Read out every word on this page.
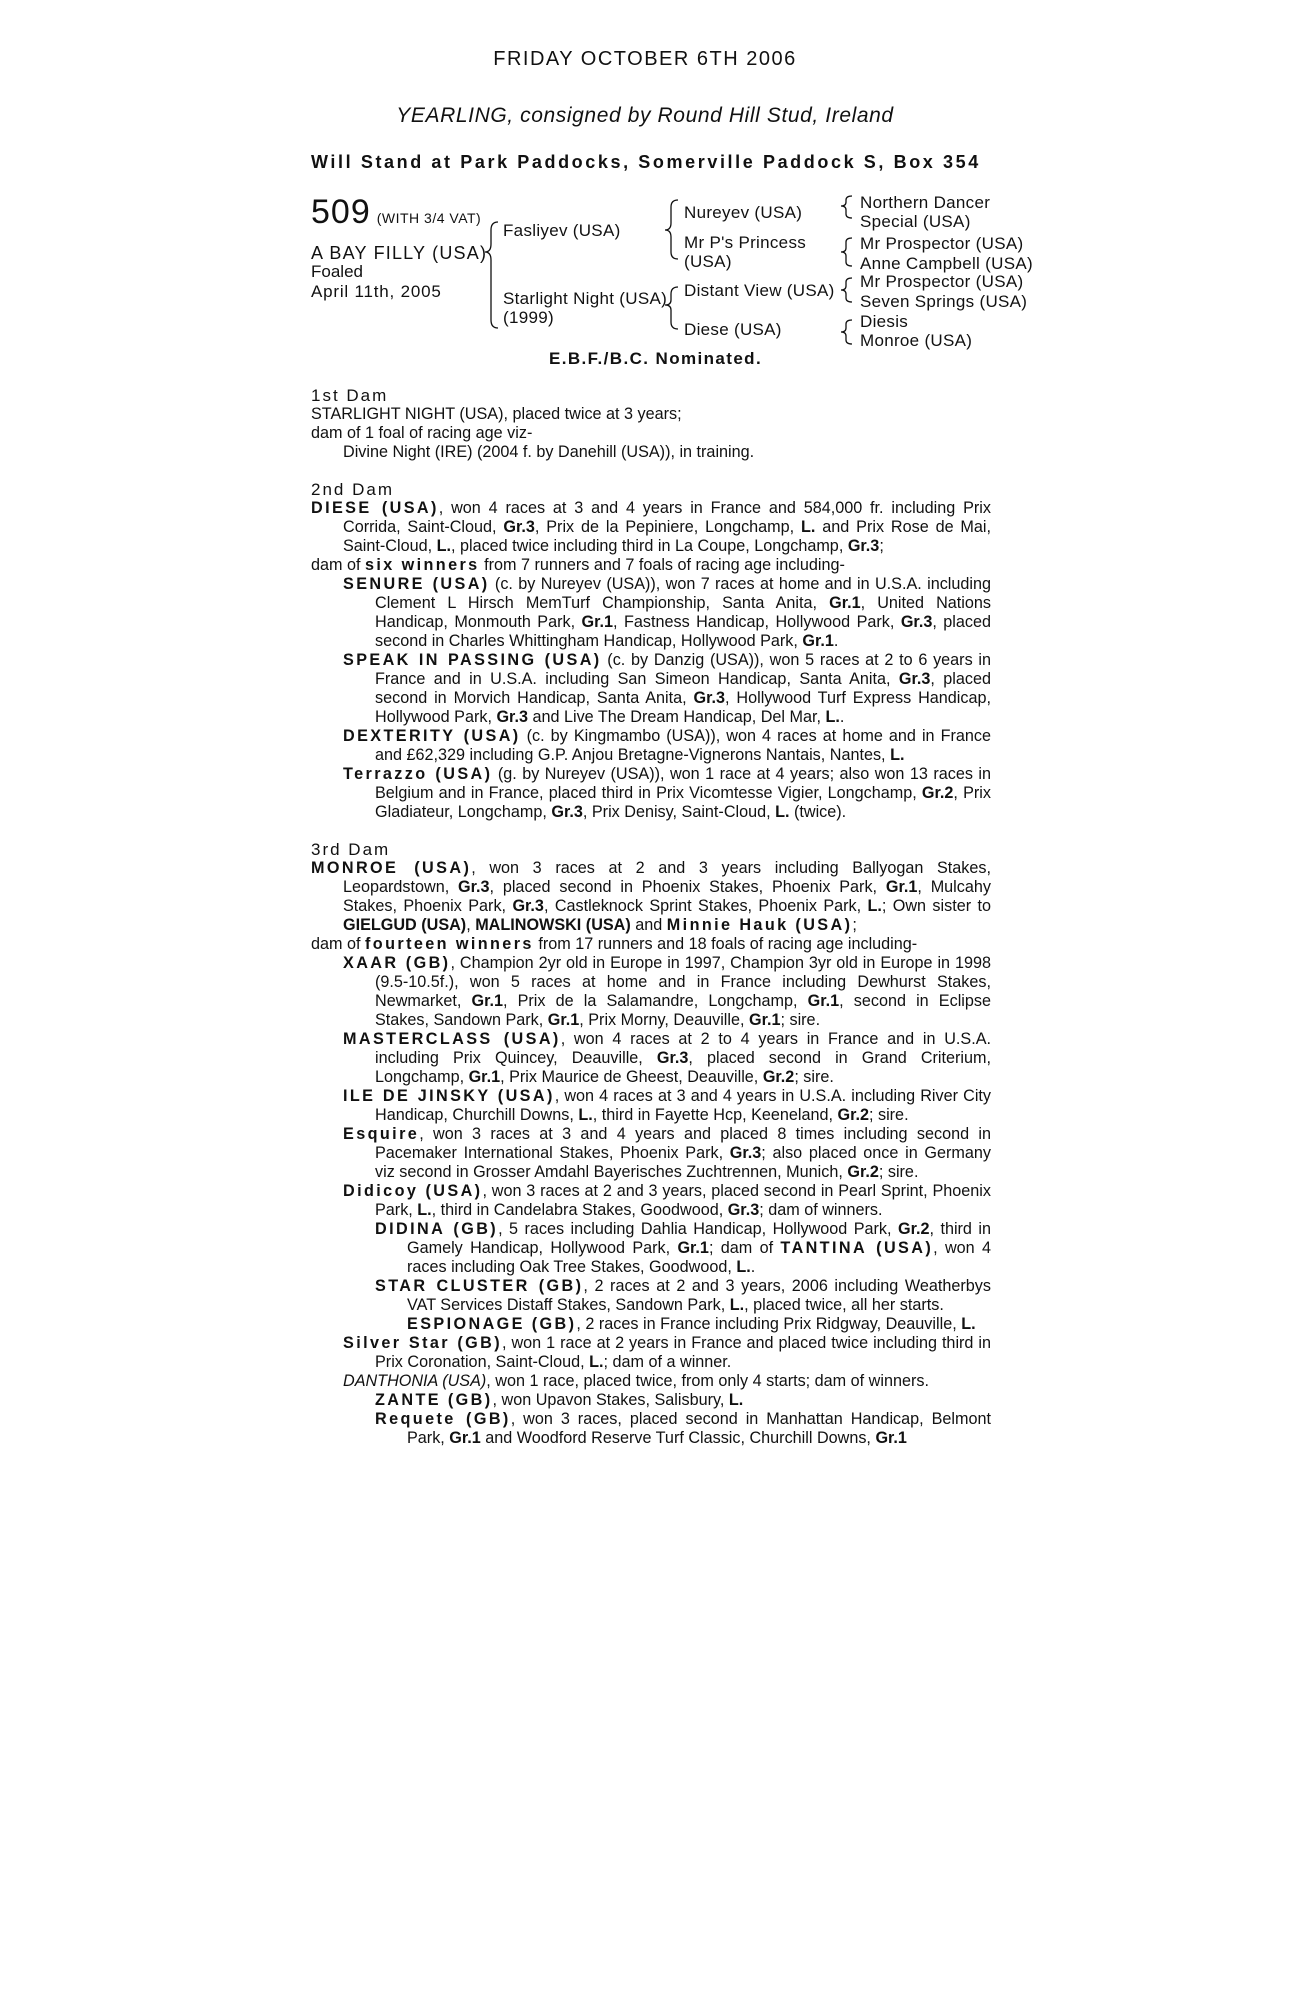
FRIDAY OCTOBER 6TH 2006
YEARLING, consigned by Round Hill Stud, Ireland
Will Stand at Park Paddocks, Somerville Paddock S, Box 354
509 (WITH 3/4 VAT)
A BAY FILLY (USA)
Foaled
April 11th, 2005
Fasliyev (USA)
Starlight Night (USA)
(1999)
Nureyev (USA)
Mr P's Princess
(USA)
Distant View (USA)
Diese (USA)
Northern Dancer
Special (USA)
Mr Prospector (USA)
Anne Campbell (USA)
Mr Prospector (USA)
Seven Springs (USA)
Diesis
Monroe (USA)
E.B.F./B.C. Nominated.
1st Dam
STARLIGHT NIGHT (USA), placed twice at 3 years;
dam of 1 foal of racing age viz-
Divine Night (IRE) (2004 f. by Danehill (USA)), in training.
2nd Dam
DIESE (USA), won 4 races at 3 and 4 years in France and 584,000 fr. including Prix Corrida, Saint-Cloud, Gr.3, Prix de la Pepiniere, Longchamp, L. and Prix Rose de Mai, Saint-Cloud, L., placed twice including third in La Coupe, Longchamp, Gr.3;
dam of six winners from 7 runners and 7 foals of racing age including-
SENURE (USA) (c. by Nureyev (USA)), won 7 races at home and in U.S.A. including Clement L Hirsch MemTurf Championship, Santa Anita, Gr.1, United Nations Handicap, Monmouth Park, Gr.1, Fastness Handicap, Hollywood Park, Gr.3, placed second in Charles Whittingham Handicap, Hollywood Park, Gr.1.
SPEAK IN PASSING (USA) (c. by Danzig (USA)), won 5 races at 2 to 6 years in France and in U.S.A. including San Simeon Handicap, Santa Anita, Gr.3, placed second in Morvich Handicap, Santa Anita, Gr.3, Hollywood Turf Express Handicap, Hollywood Park, Gr.3 and Live The Dream Handicap, Del Mar, L..
DEXTERITY (USA) (c. by Kingmambo (USA)), won 4 races at home and in France and £62,329 including G.P. Anjou Bretagne-Vignerons Nantais, Nantes, L.
Terrazzo (USA) (g. by Nureyev (USA)), won 1 race at 4 years; also won 13 races in Belgium and in France, placed third in Prix Vicomtesse Vigier, Longchamp, Gr.2, Prix Gladiateur, Longchamp, Gr.3, Prix Denisy, Saint-Cloud, L. (twice).
3rd Dam
MONROE (USA), won 3 races at 2 and 3 years including Ballyogan Stakes, Leopardstown, Gr.3, placed second in Phoenix Stakes, Phoenix Park, Gr.1, Mulcahy Stakes, Phoenix Park, Gr.3, Castleknock Sprint Stakes, Phoenix Park, L.; Own sister to GIELGUD (USA), MALINOWSKI (USA) and Minnie Hauk (USA);
dam of fourteen winners from 17 runners and 18 foals of racing age including-
XAAR (GB), Champion 2yr old in Europe in 1997, Champion 3yr old in Europe in 1998 (9.5-10.5f.), won 5 races at home and in France including Dewhurst Stakes, Newmarket, Gr.1, Prix de la Salamandre, Longchamp, Gr.1, second in Eclipse Stakes, Sandown Park, Gr.1, Prix Morny, Deauville, Gr.1; sire.
MASTERCLASS (USA), won 4 races at 2 to 4 years in France and in U.S.A. including Prix Quincey, Deauville, Gr.3, placed second in Grand Criterium, Longchamp, Gr.1, Prix Maurice de Gheest, Deauville, Gr.2; sire.
ILE DE JINSKY (USA), won 4 races at 3 and 4 years in U.S.A. including River City Handicap, Churchill Downs, L., third in Fayette Hcp, Keeneland, Gr.2; sire.
Esquire, won 3 races at 3 and 4 years and placed 8 times including second in Pacemaker International Stakes, Phoenix Park, Gr.3; also placed once in Germany viz second in Grosser Amdahl Bayerisches Zuchtrennen, Munich, Gr.2; sire.
Didicoy (USA), won 3 races at 2 and 3 years, placed second in Pearl Sprint, Phoenix Park, L., third in Candelabra Stakes, Goodwood, Gr.3; dam of winners.
DIDINA (GB), 5 races including Dahlia Handicap, Hollywood Park, Gr.2, third in Gamely Handicap, Hollywood Park, Gr.1; dam of TANTINA (USA), won 4 races including Oak Tree Stakes, Goodwood, L..
STAR CLUSTER (GB), 2 races at 2 and 3 years, 2006 including Weatherbys VAT Services Distaff Stakes, Sandown Park, L., placed twice, all her starts.
ESPIONAGE (GB), 2 races in France including Prix Ridgway, Deauville, L.
Silver Star (GB), won 1 race at 2 years in France and placed twice including third in Prix Coronation, Saint-Cloud, L.; dam of a winner.
DANTHONIA (USA), won 1 race, placed twice, from only 4 starts; dam of winners.
ZANTE (GB), won Upavon Stakes, Salisbury, L.
Requete (GB), won 3 races, placed second in Manhattan Handicap, Belmont Park, Gr.1 and Woodford Reserve Turf Classic, Churchill Downs, Gr.1
